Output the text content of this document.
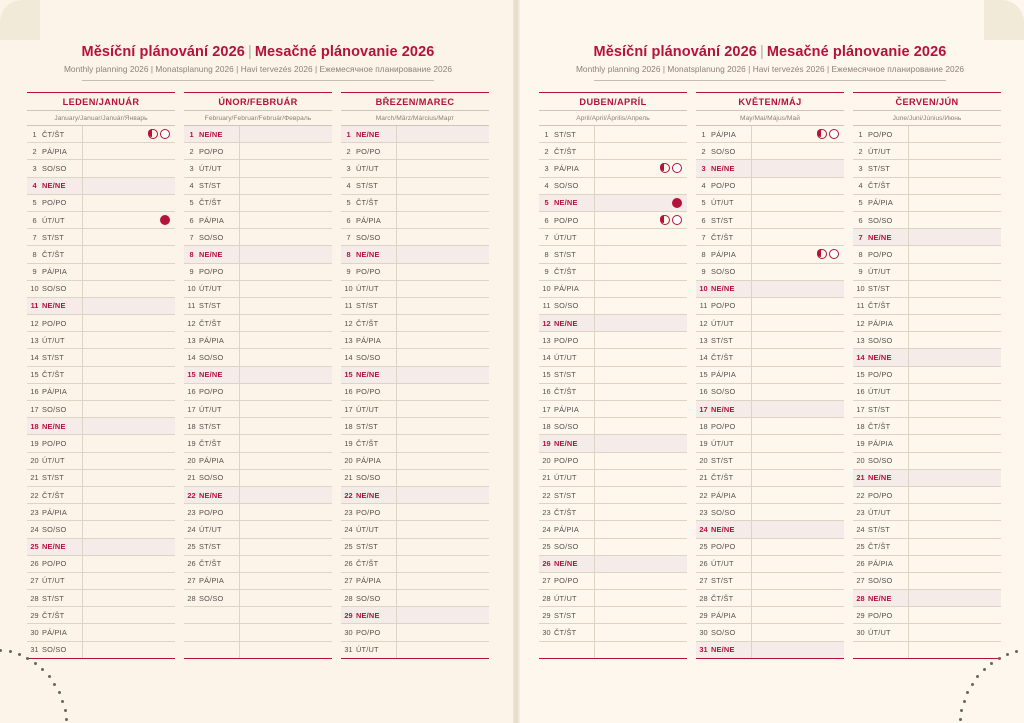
Měsíční plánování 2026 | Mesačné plánovanie 2026
Monthly planning 2026 | Monatsplanung 2026 | Havi tervezés 2026 | Ежемесячное планирование 2026
LEDEN/JANUÁR
January/Januar/Január/Январь
1	ČT/ŠT	

2	PÁ/PIA	
3	SO/SO	
4	NE/NE	
5	PO/PO	
6	ÚT/UT	

7	ST/ST	
8	ČT/ŠT	
9	PÁ/PIA	
10	SO/SO	
11	NE/NE	
12	PO/PO	
13	ÚT/UT	
14	ST/ST	
15	ČT/ŠT	
16	PÁ/PIA	
17	SO/SO	
18	NE/NE	
19	PO/PO	
20	ÚT/UT	
21	ST/ST	
22	ČT/ŠT	
23	PÁ/PIA	
24	SO/SO	
25	NE/NE	
26	PO/PO	
27	ÚT/UT	
28	ST/ST	
29	ČT/ŠT	
30	PÁ/PIA	
31	SO/SO	
ÚNOR/FEBRUÁR
February/Februar/Február/Февраль
1	NE/NE	
2	PO/PO	
3	ÚT/UT	
4	ST/ST	
5	ČT/ŠT	
6	PÁ/PIA	
7	SO/SO	
8	NE/NE	
9	PO/PO	
10	ÚT/UT	
11	ST/ST	
12	ČT/ŠT	
13	PÁ/PIA	
14	SO/SO	
15	NE/NE	
16	PO/PO	
17	ÚT/UT	
18	ST/ST	
19	ČT/ŠT	
20	PÁ/PIA	
21	SO/SO	
22	NE/NE	
23	PO/PO	
24	ÚT/UT	
25	ST/ST	
26	ČT/ŠT	
27	PÁ/PIA	
28	SO/SO	

BŘEZEN/MAREC
March/März/Március/Март
1	NE/NE	
2	PO/PO	
3	ÚT/UT	
4	ST/ST	
5	ČT/ŠT	
6	PÁ/PIA	
7	SO/SO	
8	NE/NE	
9	PO/PO	
10	ÚT/UT	
11	ST/ST	
12	ČT/ŠT	
13	PÁ/PIA	
14	SO/SO	
15	NE/NE	
16	PO/PO	
17	ÚT/UT	
18	ST/ST	
19	ČT/ŠT	
20	PÁ/PIA	
21	SO/SO	
22	NE/NE	
23	PO/PO	
24	ÚT/UT	
25	ST/ST	
26	ČT/ŠT	
27	PÁ/PIA	
28	SO/SO	
29	NE/NE	
30	PO/PO	
31	ÚT/UT	
Měsíční plánování 2026 | Mesačné plánovanie 2026
Monthly planning 2026 | Monatsplanung 2026 | Havi tervezés 2026 | Ежемесячное планирование 2026
DUBEN/APRÍL
April/April/Április/Апрель
1	ST/ST	
2	ČT/ŠT	
3	PÁ/PIA	

4	SO/SO	
5	NE/NE	

6	PO/PO	

7	ÚT/UT	
8	ST/ST	
9	ČT/ŠT	
10	PÁ/PIA	
11	SO/SO	
12	NE/NE	
13	PO/PO	
14	ÚT/UT	
15	ST/ST	
16	ČT/ŠT	
17	PÁ/PIA	
18	SO/SO	
19	NE/NE	
20	PO/PO	
21	ÚT/UT	
22	ST/ST	
23	ČT/ŠT	
24	PÁ/PIA	
25	SO/SO	
26	NE/NE	
27	PO/PO	
28	ÚT/UT	
29	ST/ST	
30	ČT/ŠT	

KVĚTEN/MÁJ
May/Mai/Május/Май
1	PÁ/PIA	

2	SO/SO	
3	NE/NE	
4	PO/PO	
5	ÚT/UT	
6	ST/ST	
7	ČT/ŠT	
8	PÁ/PIA	

9	SO/SO	
10	NE/NE	
11	PO/PO	
12	ÚT/UT	
13	ST/ST	
14	ČT/ŠT	
15	PÁ/PIA	
16	SO/SO	
17	NE/NE	
18	PO/PO	
19	ÚT/UT	
20	ST/ST	
21	ČT/ŠT	
22	PÁ/PIA	
23	SO/SO	
24	NE/NE	
25	PO/PO	
26	ÚT/UT	
27	ST/ST	
28	ČT/ŠT	
29	PÁ/PIA	
30	SO/SO	
31	NE/NE	
ČERVEN/JÚN
June/Juni/Június/Июнь
1	PO/PO	
2	ÚT/UT	
3	ST/ST	
4	ČT/ŠT	
5	PÁ/PIA	
6	SO/SO	
7	NE/NE	
8	PO/PO	
9	ÚT/UT	
10	ST/ST	
11	ČT/ŠT	
12	PÁ/PIA	
13	SO/SO	
14	NE/NE	
15	PO/PO	
16	ÚT/UT	
17	ST/ST	
18	ČT/ŠT	
19	PÁ/PIA	
20	SO/SO	
21	NE/NE	
22	PO/PO	
23	ÚT/UT	
24	ST/ST	
25	ČT/ŠT	
26	PÁ/PIA	
27	SO/SO	
28	NE/NE	
29	PO/PO	
30	ÚT/UT	
